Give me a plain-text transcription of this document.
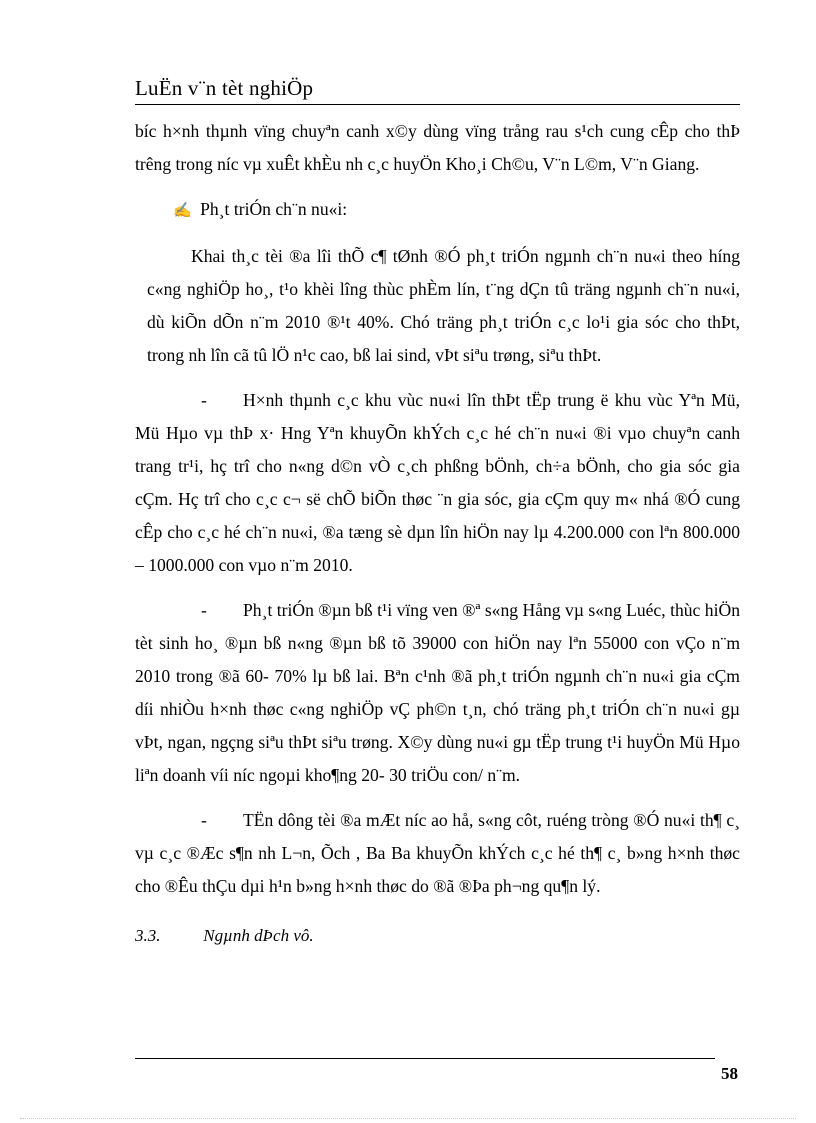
LuËn v¨n tèt nghiÖp

bíc h×nh thµnh vïng chuyªn canh x©y dùng vïng trång rau s¹ch cung cÊp cho thÞ trêng trong níc vµ xuÊt khÈu nh c¸c huyÖn Kho¸i Ch©u, V¨n L©m, V¨n Giang.

✍ Ph¸t triÓn ch¨n nu«i:

Khai th¸c tèi ®a lîi thÕ c¶ tØnh ®Ó ph¸t triÓn ngµnh ch¨n nu«i theo híng c«ng nghiÖp ho¸, t¹o khèi lîng thùc phÈm lín, t¨ng dÇn tû träng ngµnh ch¨n nu«i, dù kiÕn dÕn n¨m 2010 ®¹t 40%. Chó träng ph¸t triÓn c¸c lo¹i gia sóc cho thÞt, trong nh lîn cã tû lÖ n¹c cao, bß lai sind, vÞt siªu trøng, siªu thÞt.

-	H×nh thµnh c¸c khu vùc nu«i lîn thÞt tËp trung ë khu vùc Yªn Mü, Mü Hµo vµ thÞ x· Hng Yªn khuyÕn khÝch c¸c hé ch¨n nu«i ®i vµo chuyªn canh trang tr¹i, hç trî cho n«ng d©n vÒ c¸ch phßng bÖnh, ch÷a bÖnh, cho gia sóc gia cÇm. Hç trî cho c¸c c¬ së chÕ biÕn thøc ¨n gia sóc, gia cÇm quy m« nhá ®Ó cung cÊp cho c¸c hé ch¨n nu«i, ®a tæng sè dµn lîn hiÖn nay lµ 4.200.000 con lªn 800.000 – 1000.000 con vµo n¨m 2010.

-	Ph¸t triÓn ®µn bß t¹i vïng ven ®ª s«ng Hång vµ s«ng Luéc, thùc hiÖn tèt sinh ho¸ ®µn bß n«ng ®µn bß tõ 39000 con hiÖn nay lªn 55000 con vÇo n¨m 2010 trong ®ã 60- 70% lµ bß lai. Bªn c¹nh ®ã ph¸t triÓn ngµnh ch¨n nu«i gia cÇm díi nhiÒu h×nh thøc c«ng nghiÖp vÇ ph©n t¸n, chó träng ph¸t triÓn ch¨n nu«i gµ vÞt, ngan, ngçng siªu thÞt siªu trøng. X©y dùng nu«i gµ tËp trung t¹i huyÖn Mü Hµo liªn doanh víi níc ngoµi kho¶ng 20- 30 triÖu con/ n¨m.

-	TËn dông tèi ®a mÆt níc ao hå, s«ng côt, ruéng tròng ®Ó nu«i th¶ c¸ vµ c¸c ®Æc s¶n nh L¬n, Õch , Ba Ba khuyÕn khÝch c¸c hé th¶ c¸ b»ng h×nh thøc cho ®Êu thÇu dµi h¹n b»ng h×nh thøc do ®ã ®Þa ph¬ng qu¶n lý.

3.3.	Ngµnh dÞch vô.

58
